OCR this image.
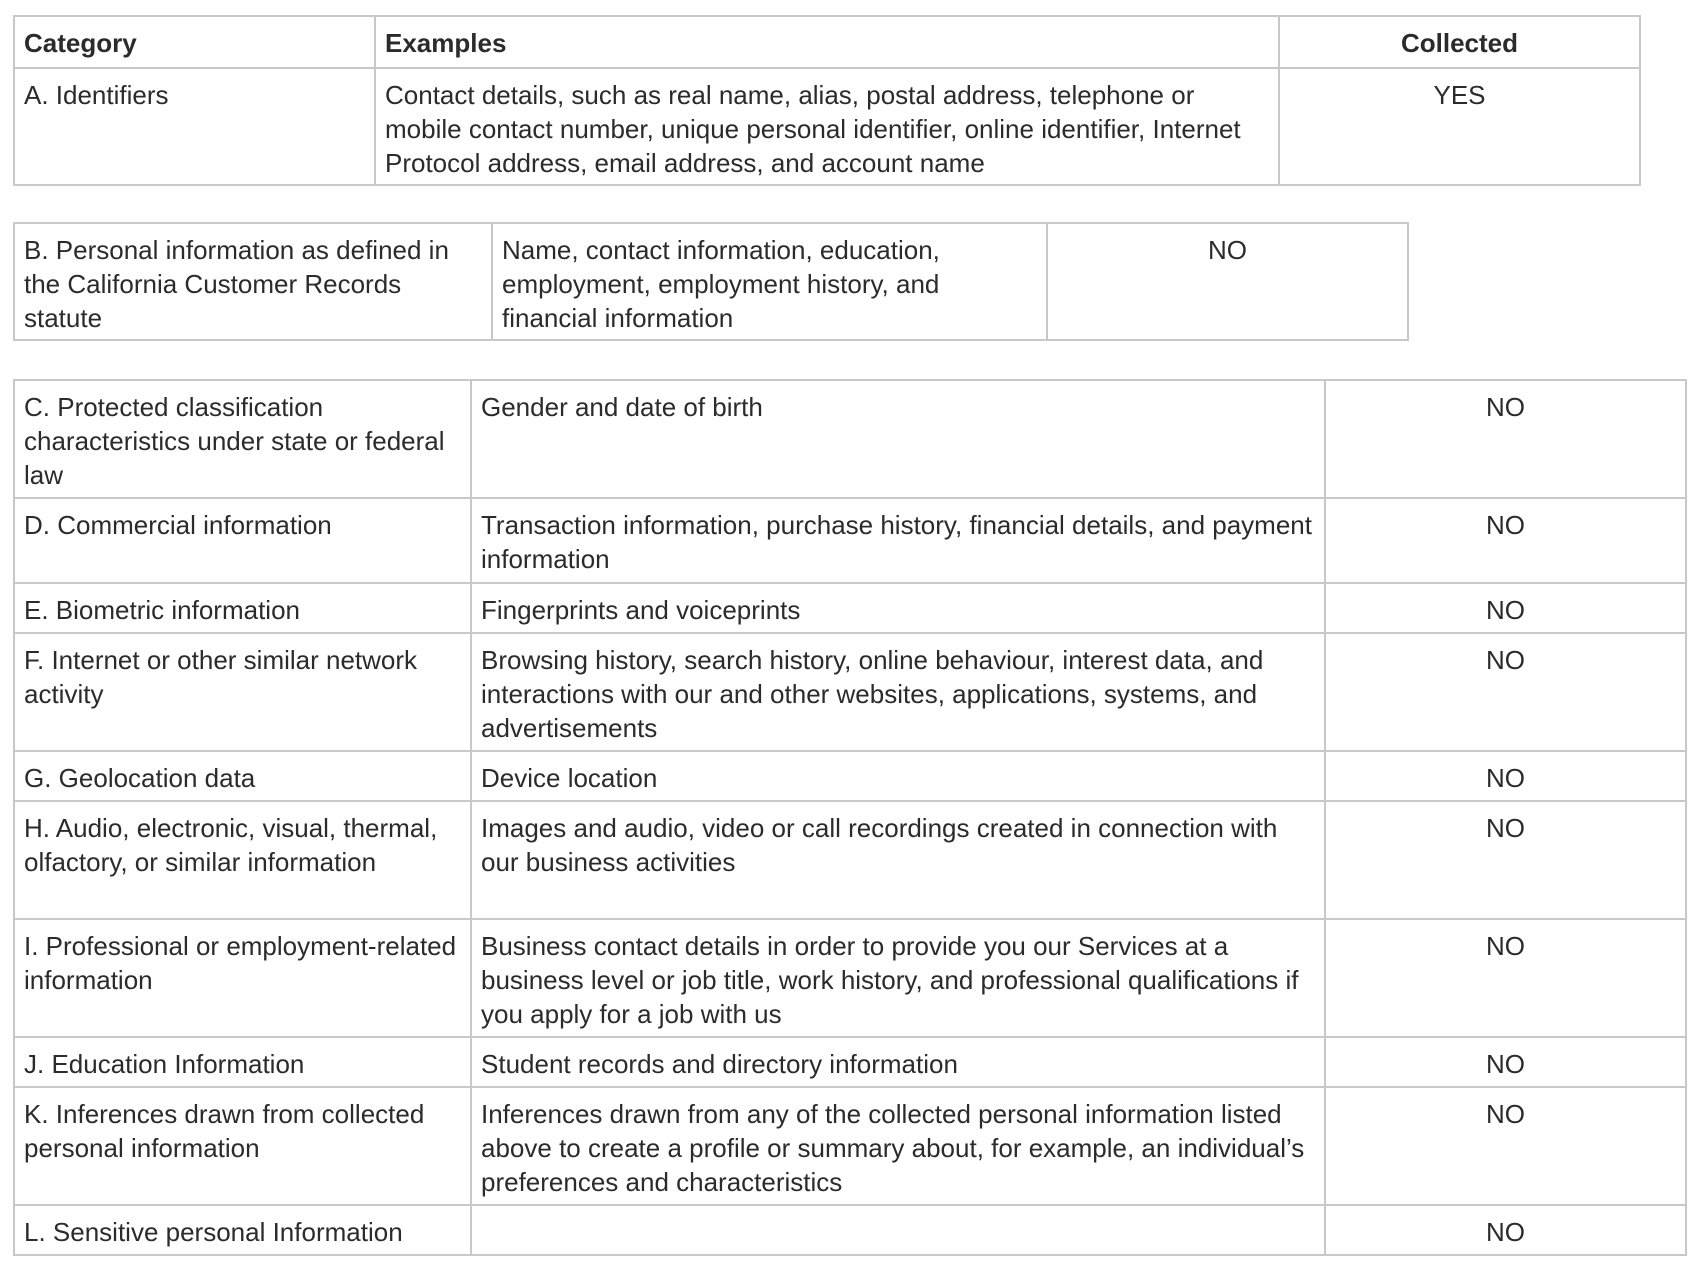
Category	Examples	Collected
A. Identifiers	Contact details, such as real name, alias, postal address, telephone or mobile contact number, unique personal identifier, online identifier, Internet Protocol address, email address, and account name	YES
B. Personal information as defined in the California Customer Records statute	Name, contact information, education, employment, employment history, and financial information	NO
C. Protected classification characteristics under state or federal law	Gender and date of birth	NO
D. Commercial information	Transaction information, purchase history, financial details, and payment information	NO
E. Biometric information	Fingerprints and voiceprints	NO
F. Internet or other similar network activity	Browsing history, search history, online behaviour, interest data, and interactions with our and other websites, applications, systems, and advertisements	NO
G. Geolocation data	Device location	NO
H. Audio, electronic, visual, thermal, olfactory, or similar information	Images and audio, video or call recordings created in connection with our business activities	NO
I. Professional or employment-related information	Business contact details in order to provide you our Services at a business level or job title, work history, and professional qualifications if you apply for a job with us	NO
J. Education Information	Student records and directory information	NO
K. Inferences drawn from collected personal information	Inferences drawn from any of the collected personal information listed above to create a profile or summary about, for example, an individual’s preferences and characteristics	NO
L. Sensitive personal Information		NO
